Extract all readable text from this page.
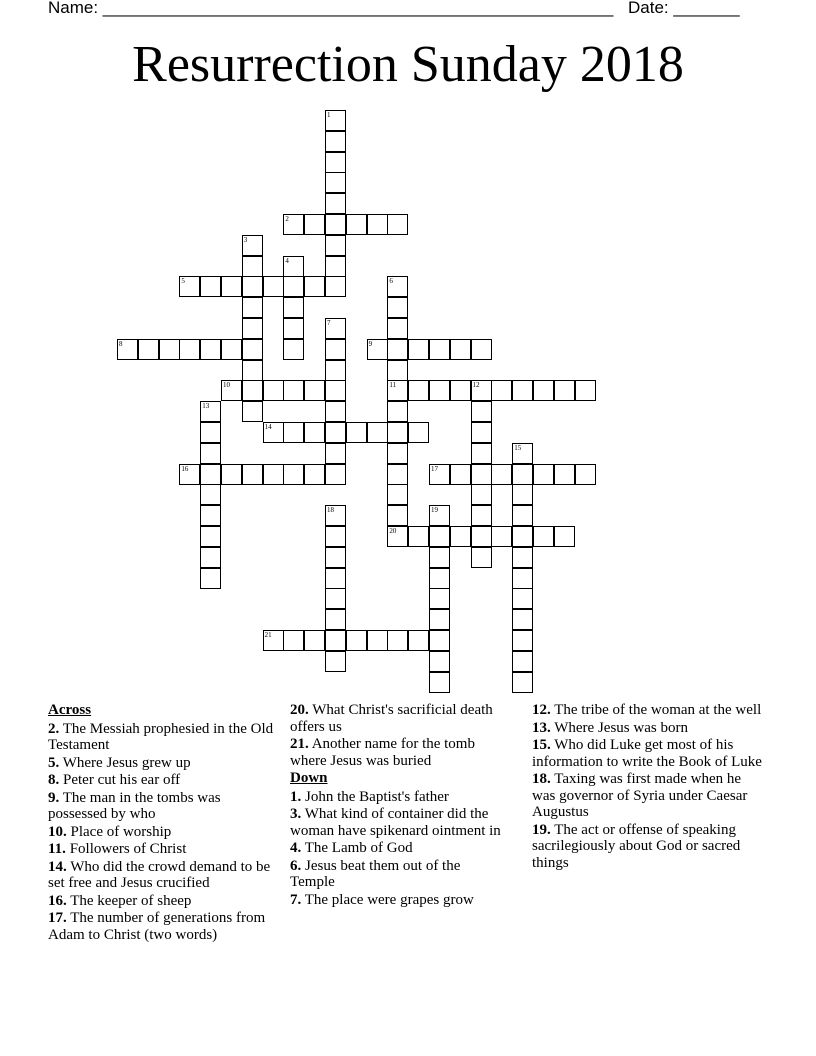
Name: ______________________________________________________ Date: _______
Resurrection Sunday 2018
1
2
3
4
5	6
11
20
7
8	9
10	12
13
14
15
16	17
18	19
21
Across
2. The Messiah prophesied in the Old Testament
5. Where Jesus grew up
8. Peter cut his ear off
9. The man in the tombs was possessed by who
10. Place of worship
11. Followers of Christ
14. Who did the crowd demand to be set free and Jesus crucified
16. The keeper of sheep
17. The number of generations from Adam to Christ (two words)
20. What Christ's sacrificial death offers us
21. Another name for the tomb where Jesus was buried
Down
1. John the Baptist's father
3. What kind of container did the woman have spikenard ointment in
4. The Lamb of God
6. Jesus beat them out of the Temple
7. The place were grapes grow
12. The tribe of the woman at the well
13. Where Jesus was born
15. Who did Luke get most of his information to write the Book of Luke
18. Taxing was first made when he was governor of Syria under Caesar Augustus
19. The act or offense of speaking sacrilegiously about God or sacred things
